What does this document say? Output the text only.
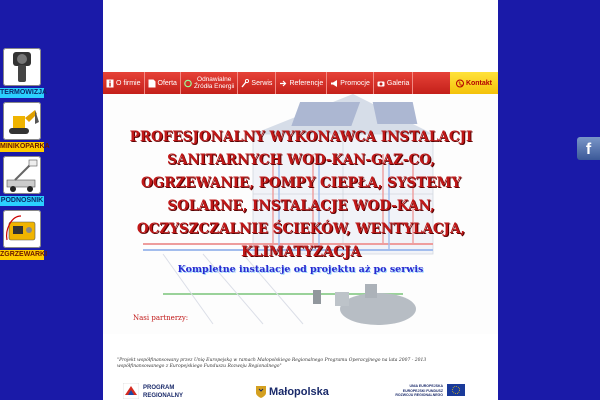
TERMOWIZJA
MINIKOPARKA
PODNOŚNIK
ZGRZEWARKI
O firmie Oferta	Odnawialne
Źródła Energii Serwis Referencje Promocje Galeria	Kontakt
PROFESJONALNY WYKONAWCA INSTALACJI
SANITARNYCH WOD-KAN-GAZ-CO,
OGRZEWANIE, POMPY CIEPŁA, SYSTEMY
SOLARNE, INSTALACJE WOD-KAN,
OCZYSZCZALNIE ŚCIEKÓW, WENTYLACJA,
KLIMATYZACJA
Kompletne instalacje od projektu aż po serwis
Nasi partnerzy:
"Projekt współfinansowany przez Unię Europejską w ramach Małopolskiego Regionalnego Programu Operacyjnego na lata 2007 - 2013
współfinansowanego z Europejskiego Funduszu Rozwoju Regionalnego"
PROGRAM
REGIONALNY	Małopolska	UNIA EUROPEJSKA
EUROPEJSKI FUNDUSZ
ROZWOJU REGIONALNEGO
f
